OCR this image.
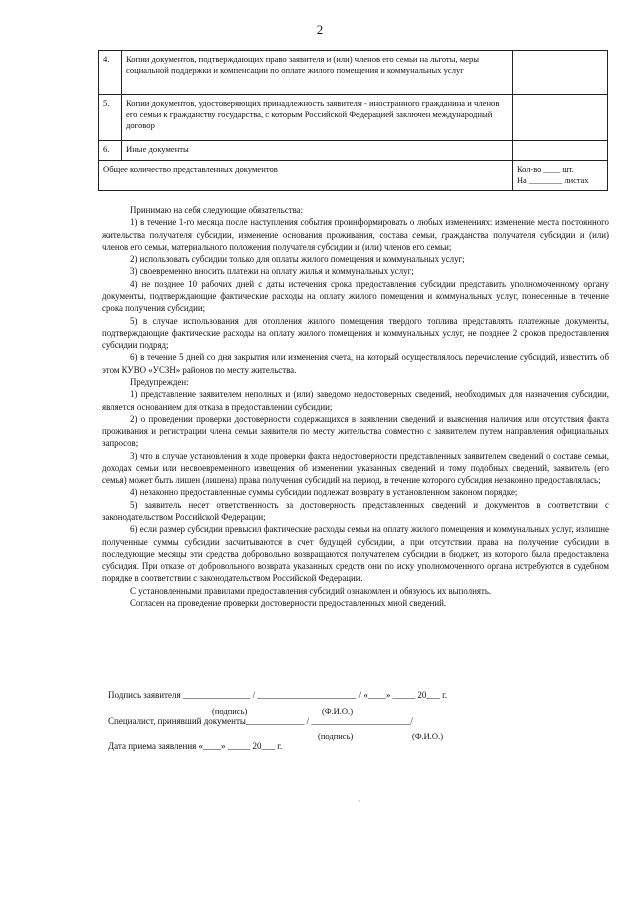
2
4.	Копии документов, подтверждающих право заявителя и (или) членов его семьи на льготы, меры социальной поддержки и компенсации по оплате жилого помещения и коммунальных услуг	
5.	Копии документов, удостоверяющих принадлежность заявителя - иностранного гражданина и членов его семьи к гражданству государства, с которым Российской Федерацией заключен международный договор	
6.	Иные документы	
Общее количество представленных документов		Кол-во ____ шт.
На ________ листах

Принимаю на себя следующие обязательства:

1) в течение 1-го месяца после наступления события проинформировать о любых изменениях: изменение места постоянного жительства получателя субсидии, изменение основания проживания, состава семьи, гражданства получателя субсидии и (или) членов его семьи, материального положения получателя субсидии и (или) членов его семьи;

2) использовать субсидии только для оплаты жилого помещения и коммунальных услуг;

3) своевременно вносить платежи на оплату жилья и коммунальных услуг;

4) не позднее 10 рабочих дней с даты истечения срока предоставления субсидии представить уполномоченному органу документы, подтверждающие фактические расходы на оплату жилого помещения и коммунальных услуг, понесенные в течение срока получения субсидии;

5) в случае использования для отопления жилого помещения твердого топлива представлять платежные документы, подтверждающие фактические расходы на оплату жилого помещения и коммунальных услуг, не позднее 2 сроков предоставления субсидии подряд;

6) в течение 5 дней со дня закрытия или изменения счета, на который осуществлялось перечисление субсидий, известить об этом КУВО «УСЗН» районов по месту жительства.

Предупрежден:

1) представление заявителем неполных и (или) заведомо недостоверных сведений, необходимых для назначения субсидии, является основанием для отказа в предоставлении субсидии;

2) о проведении проверки достоверности содержащихся в заявлении сведений и выяснения наличия или отсутствия факта проживания и регистрации члена семьи заявителя по месту жительства совместно с заявителем путем направления официальных запросов;

3) что в случае установления в ходе проверки факта недостоверности представленных заявителем сведений о составе семьи, доходах семьи или несвоевременного извещения об изменении указанных сведений и тому подобных сведений, заявитель (его семья) может быть лишен (лишена) права получения субсидий на период, в течение которого субсидия незаконно предоставлялась;

4) незаконно предоставленные суммы субсидии подлежат возврату в установленном законом порядке;

5) заявитель несет ответственность за достоверность представленных сведений и документов в соответствии с законодательством Российской Федерации;

6) если размер субсидии превысил фактические расходы семьи на оплату жилого помещения и коммунальных услуг, излишне полученные суммы субсидии засчитываются в счет будущей субсидии, а при отсутствии права на получение субсидии в последующие месяцы эти средства добровольно возвращаются получателем субсидии в бюджет, из которого была предоставлена субсидия. При отказе от добровольного возврата указанных средств они по иску уполномоченного органа истребуются в судебном порядке в соответствии с законодательством Российской Федерации.

С установленными правилами предоставления субсидий ознакомлен и обязуюсь их выполнять.

Согласен на проведение проверки достоверности предоставленных мной сведений.

Подпись заявителя _______________ / ______________________ / «____» _____ 20___ г.
(подпись)	(Ф.И.О.)
Специалист, принявший документы_____________ / ______________________/
(подпись)	(Ф.И.О.)
Дата приема заявления «____» _____ 20___ г.
·
